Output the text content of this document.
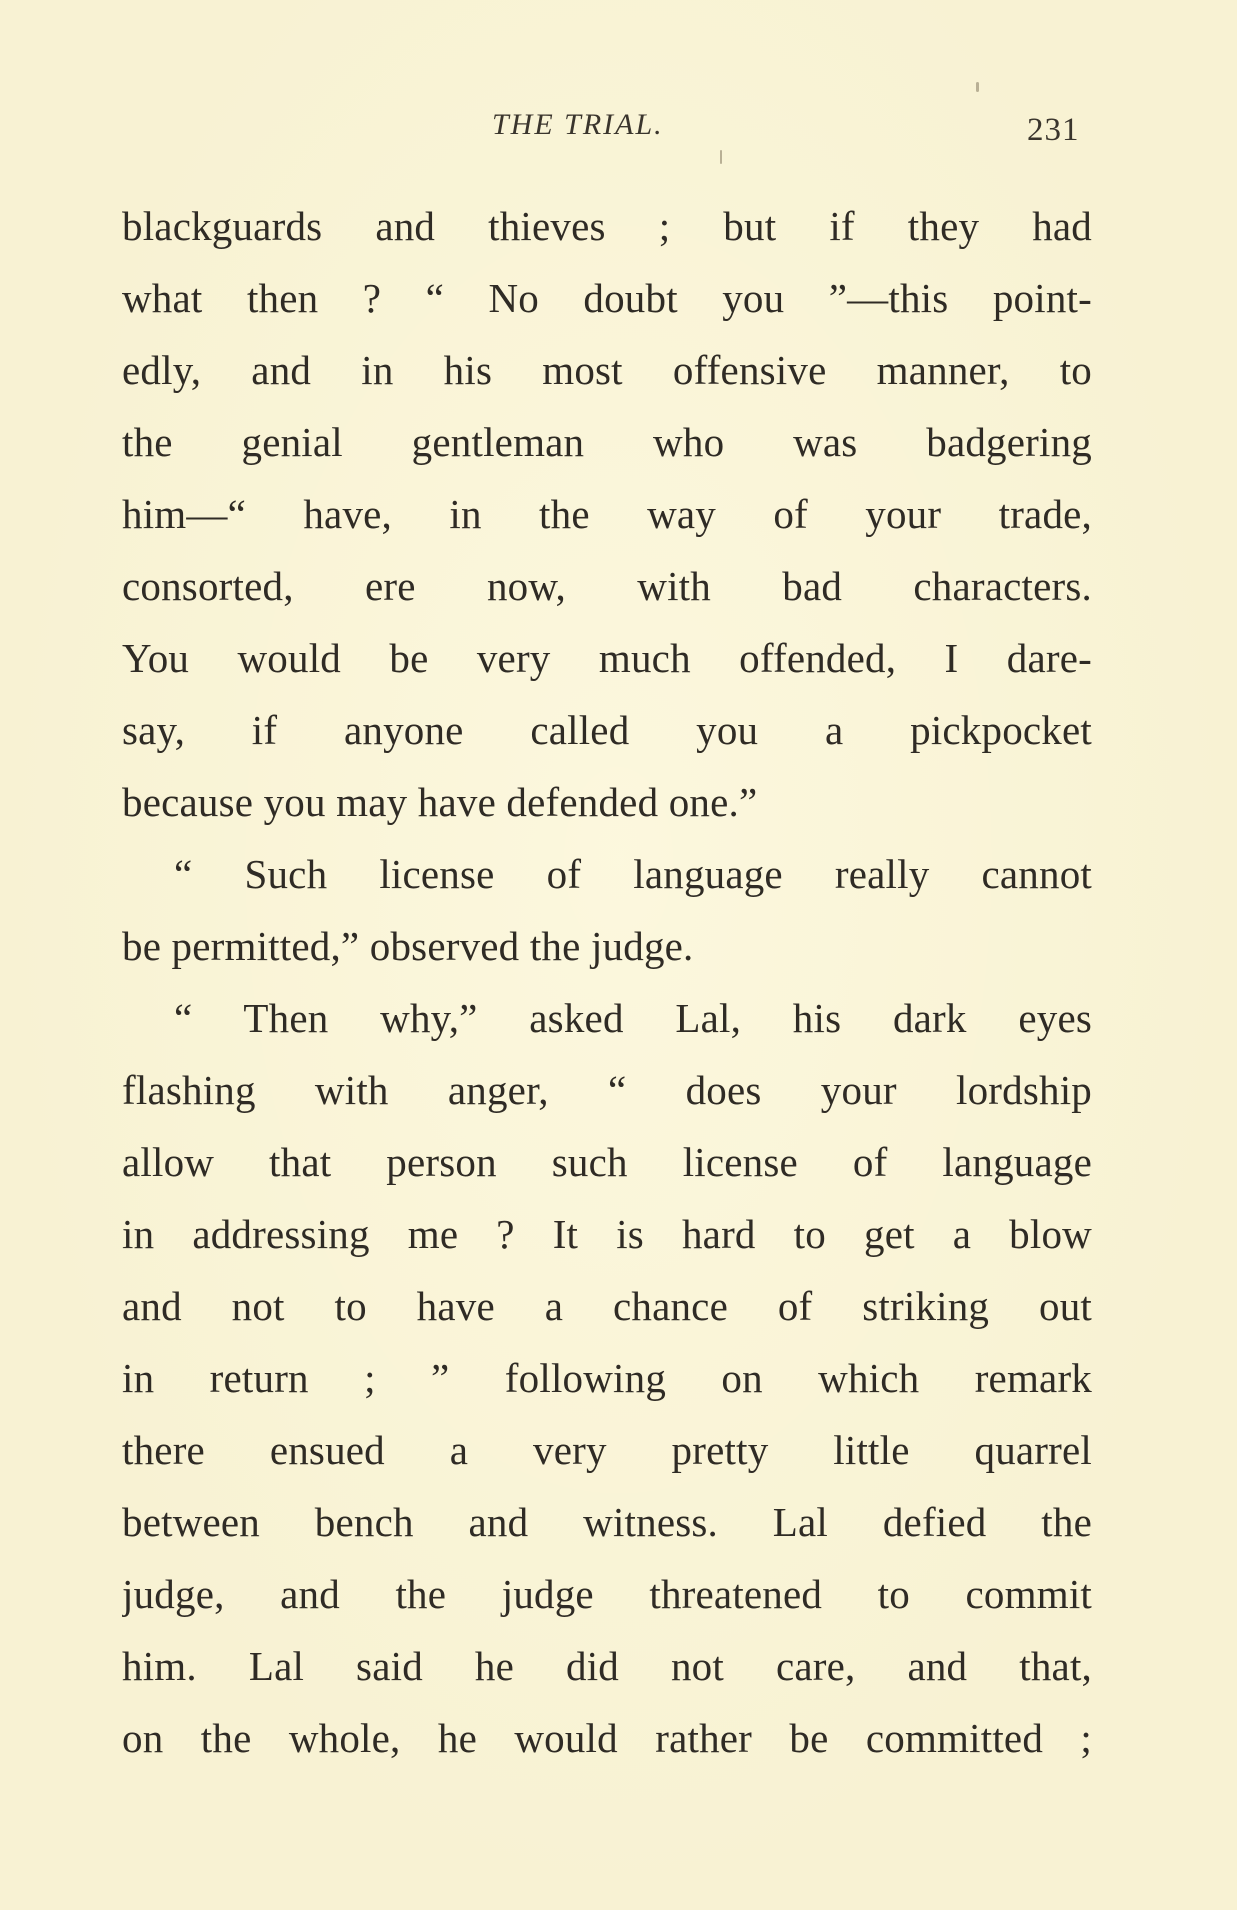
THE TRIAL.	231
blackguards and thieves ; but if they had
what then ? “ No doubt you ”—this point-
edly, and in his most offensive manner, to
the genial gentleman who was badgering
him—“ have, in the way of your trade,
consorted, ere now, with bad characters.
You would be very much offended, I dare-
say, if anyone called you a pickpocket
because you may have defended one.”
“ Such license of language really cannot
be permitted,” observed the judge.
“ Then why,” asked Lal, his dark eyes
flashing with anger, “ does your lordship
allow that person such license of language
in addressing me ? It is hard to get a blow
and not to have a chance of striking out
in return ; ” following on which remark
there ensued a very pretty little quarrel
between bench and witness. Lal defied the
judge, and the judge threatened to commit
him. Lal said he did not care, and that,
on the whole, he would rather be committed ;
